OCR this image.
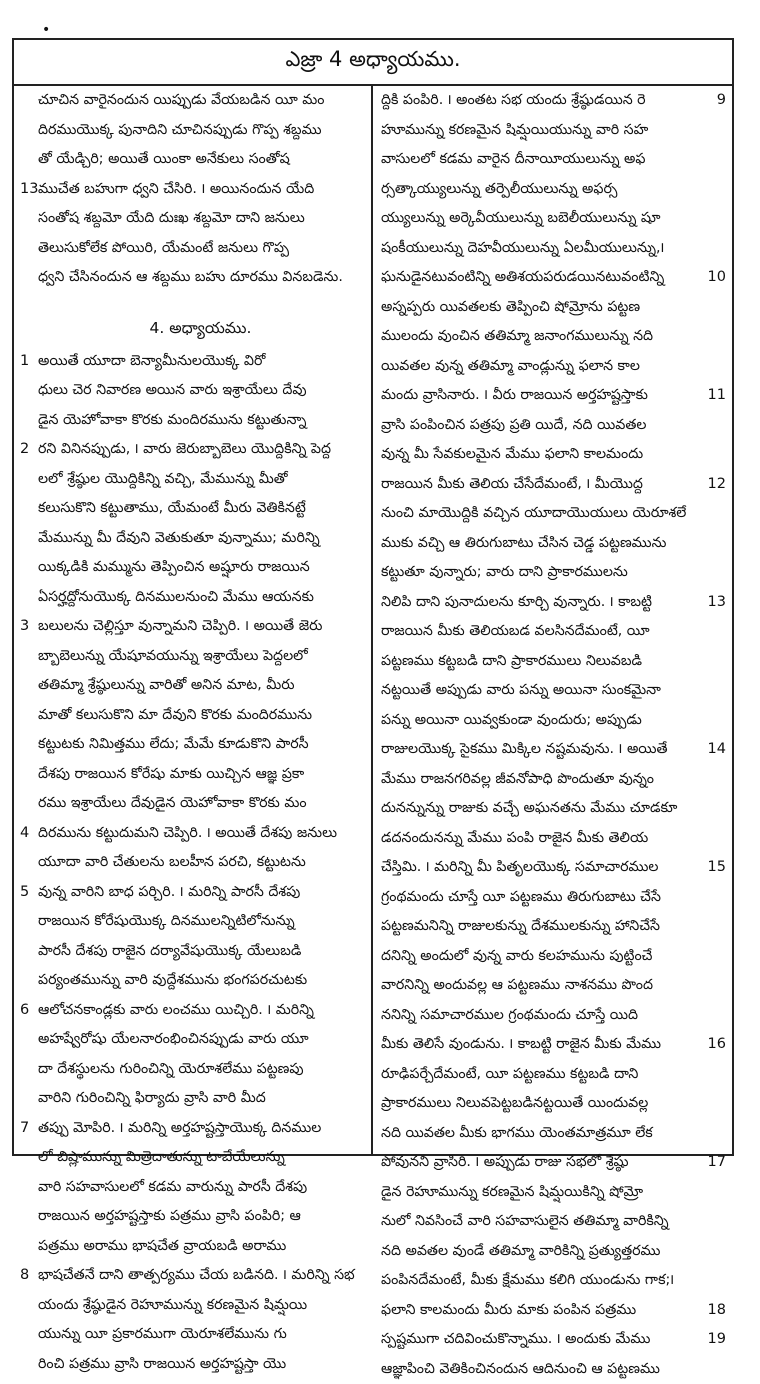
•
ఎజ్రా 4 అధ్యాయము.
చూచిన వారైనందున యిప్పుడు వేయబడిన యీ మం
దిరముయొక్క పునాదిని చూచినప్పుడు గొప్ప శబ్దము
తో యేడ్చిరి; అయితే యింకా అనేకులు సంతోష
13 ముచేత బహుగా ధ్వని చేసిరి. ౹ అయినందున యేది
సంతోష శబ్దమో యేది దుఃఖ శబ్దమో దాని జనులు
తెలుసుకోలేక పోయిరి, యేమంటే జనులు గొప్ప
ధ్వని చేసినందున ఆ శబ్దము బహు దూరము వినబడెను.
4. అధ్యాయము.
1 అయితే యూదా బెన్యామీనులయొక్క విరో
ధులు చెర నివారణ అయిన వారు ఇశ్రాయేలు దేవు
డైన యెహోవాకా కొరకు మందిరమును కట్టుతున్నా
2 రని వినినప్పుడు, ౹ వారు జెరుబ్బాబెలు యొద్దికిన్ని పెద్ద
లలో శ్రేష్ఠుల యొద్దికిన్ని వచ్చి, మేమున్ను మీతో
కలుసుకొని కట్టుతాము, యేమంటే మీరు వెతికినట్టే
మేమున్ను మీ దేవుని వెతుకుతూ వున్నాము; మరిన్ని
యిక్కడికి మమ్మును తెప్పించిన అష్షూరు రాజయిన
ఏసర్హద్దోనుయొక్క దినములనుంచి మేము ఆయనకు
3 బలులను చెల్లిస్తూ వున్నామని చెప్పిరి. ౹ అయితే జెరు
బ్బాబెలున్ను యేషూవయున్ను ఇశ్రాయేలు పెద్దలలో
తతిమ్మా శ్రేష్ఠులున్ను వారితో అనిన మాట, మీరు
మాతో కలుసుకొని మా దేవుని కొరకు మందిరమును
కట్టుటకు నిమిత్తము లేదు; మేమే కూడుకొని పారసీ
దేశపు రాజయిన కోరేషు మాకు యిచ్చిన ఆజ్ఞ ప్రకా
రము ఇశ్రాయేలు దేవుడైన యెహోవాకా కొరకు మం
4 దిరమును కట్టుదుమని చెప్పిరి. ౹ అయితే దేశపు జనులు
యూదా వారి చేతులను బలహీన పరచి, కట్టుటను
5 వున్న వారిని బాధ పర్చిరి. ౹ మరిన్ని పారసీ దేశపు
రాజయిన కోరేషుయొక్క దినములన్నిటిలోనున్ను
పారసీ దేశపు రాజైన దర్యావేషుయొక్క యేలుబడి
పర్యంతమున్ను వారి వుద్దేశమును భంగపరచుటకు
6 ఆలోచనకాండ్లకు వారు లంచము యిచ్చిరి. ౹ మరిన్ని
అహష్వేరోషు యేలనారంభించినప్పుడు వారు యూ
దా దేశస్థులను గురించిన్ని యెరూశలేము పట్టణపు
వారిని గురించిన్ని ఫిర్యాదు వ్రాసి వారి మీద
7 తప్పు మోపిరి. ౹ మరిన్ని అర్తహష్టస్తాయొక్క దినముల
లో బిష్లామున్ను మిత్రెదాతున్ను టాబేయేలున్ను
వారి సహవాసులలో కడమ వారున్ను పారసీ దేశపు
రాజయిన అర్తహష్టస్తాకు పత్రము వ్రాసి పంపిరి; ఆ
పత్రము అరాము భాషచేత వ్రాయబడి అరాము
8 భాషచేతనే దాని తాత్పర్యము చేయ బడినది. ౹ మరిన్ని సభ
యందు శ్రేష్ఠుడైన రెహూమున్ను కరణమైన షిమ్షయి
యున్ను యీ ప్రకారముగా యెరూశలేమును గు
రించి పత్రము వ్రాసి రాజయిన అర్తహష్టస్తా యొ
9
ద్దికి పంపిరి. ౹ అంతట సభ యందు శ్రేష్ఠుడయిన రె
హూమున్ను కరణమైన షిమ్షయియున్ను వారి సహ
వాసులలో కడమ వారైన దీనాయీయులున్ను అఫ
ర్సత్కాయ్యులున్ను తర్పెలీయులున్ను అఫర్స
య్యులున్ను అర్కెవీయులున్ను బబెలీయులున్ను షూ
షంకీయులున్ను దెహవీయులున్ను ఏలమీయులున్ను,౹
10
ఘనుడైనటువంటిన్ని అతిశయపరుడయినటువంటిన్ని
అస్నప్పరు యివతలకు తెప్పించి షోమ్రోను పట్టణ
ములందు వుంచిన తతిమ్మా జనాంగములున్ను నది
యివతల వున్న తతిమ్మా వాండ్లున్ను ఫలాన కాల
11
మందు వ్రాసినారు. ౹ వీరు రాజయిన అర్తహష్టస్తాకు
వ్రాసి పంపించిన పత్రపు ప్రతి యిదే, నది యివతల
వున్న మీ సేవకులమైన మేము ఫలాని కాలమందు
12
రాజయిన మీకు తెలియ చేసేదేమంటే, ౹ మీయొద్ద
నుంచి మాయొద్దికి వచ్చిన యూదాయొయులు యెరూశలే
ముకు వచ్చి ఆ తిరుగుబాటు చేసిన చెడ్డ పట్టణమును
కట్టుతూ వున్నారు; వారు దాని ప్రాకారములను
13
నిలిపి దాని పునాదులను కూర్చి వున్నారు. ౹ కాబట్టి
రాజయిన మీకు తెలియబడ వలసినదేమంటే, యీ
పట్టణము కట్టబడి దాని ప్రాకారములు నిలువబడి
నట్టయితే అప్పుడు వారు పన్ను అయినా సుంకమైనా
పన్ను అయినా యివ్వకుండా వుందురు; అప్పుడు
14
రాజులయొక్క సైకము మిక్కిల నష్టమవును. ౹ అయితే
మేము రాజనగరివల్ల జీవనోపాధి పొందుతూ వున్నం
దునన్నున్ను రాజుకు వచ్చే అఘనతను మేము చూడకూ
డదనందునన్ను మేము పంపి రాజైన మీకు తెలియ
15
చేస్తిమి. ౹ మరిన్ని మీ పితృలయొక్క సమాచారముల
గ్రంథమందు చూస్తే యీ పట్టణము తిరుగుబాటు చేసే
పట్టణమనిన్ని రాజులకున్ను దేశములకున్ను హానిచేసే
దనిన్ని అందులో వున్న వారు కలహమును పుట్టించే
వారనిన్ని అందువల్ల ఆ పట్టణము నాశనము పొంద
ననిన్ని సమాచారముల గ్రంథమందు చూస్తే యిది
16
మీకు తెలిసే వుండును. ౹ కాబట్టి రాజైన మీకు మేము
రూఢిపర్చేదేమంటే, యీ పట్టణము కట్టబడి దాని
ప్రాకారములు నిలువపెట్టబడినట్టయితే యిందువల్ల
నది యివతల మీకు భాగము యెంతమాత్రమూ లేక
17
పోవునని వ్రాసిరి. ౹ అప్పుడు రాజు సభలో శ్రేష్ఠు
డైన రెహూమున్ను కరణమైన షిమ్షయికిన్ని షోమ్రో
నులో నివసించే వారి సహవాసులైన తతిమ్మా వారికిన్ని
నది అవతల వుండే తతిమ్మా వారికిన్ని ప్రత్యుత్తరము
పంపినదేమంటే, మీకు క్షేమము కలిగి యుండును గాక;౹
18
ఫలాని కాలమందు మీరు మాకు పంపిన పత్రము
19
స్పష్టముగా చదివించుకొన్నాము. ౹ అందుకు మేము
ఆజ్ఞాపించి వెతికించినందున ఆదినుంచి ఆ పట్టణము
